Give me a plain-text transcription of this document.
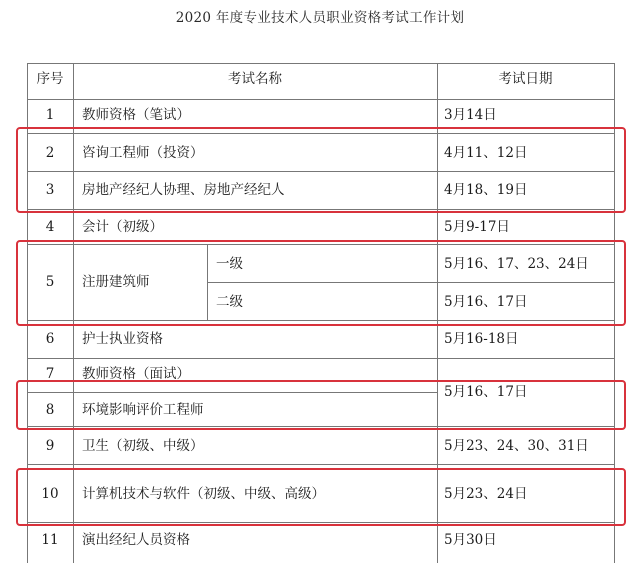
2020 年度专业技术人员职业资格考试工作计划
序号	考试名称	考试日期
1	教师资格（笔试）	3月14日
2	咨询工程师（投资）	4月11、12日
3	房地产经纪人协理、房地产经纪人	4月18、19日
4	会计（初级）	5月9-17日
5	注册建筑师
一级	5月16、17、23、24日
二级	5月16、17日
6	护士执业资格	5月16-18日
7	教师资格（面试）
8	环境影响评价工程师
5月16、17日
9	卫生（初级、中级）	5月23、24、30、31日
10	计算机技术与软件（初级、中级、高级）	5月23、24日
11	演出经纪人员资格	5月30日
